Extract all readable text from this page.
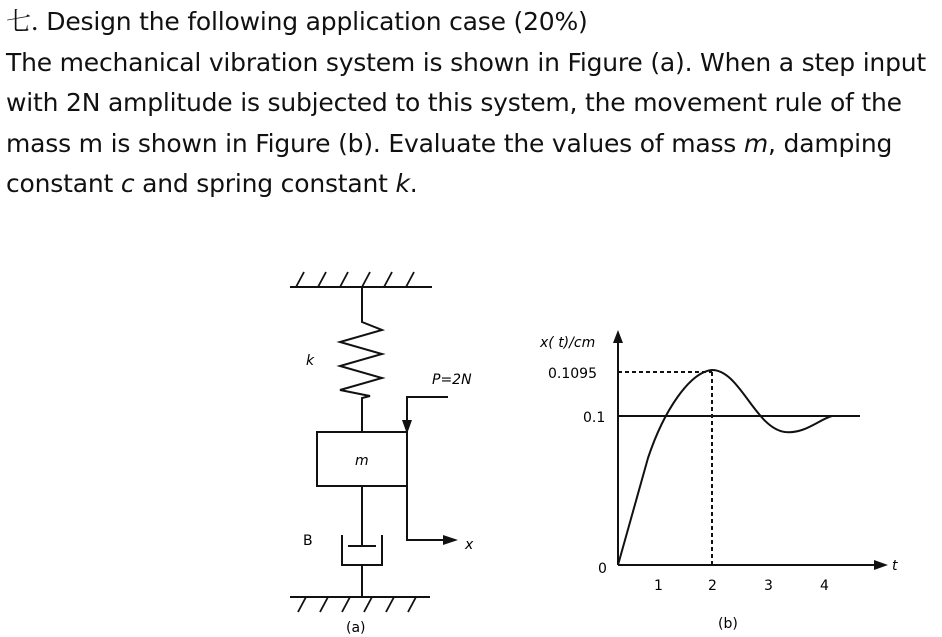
七. Design the following application case (20%)

The mechanical vibration system is shown in Figure (a). When a step input with 2N amplitude is subjected to this system, the movement rule of the mass m is shown in Figure (b). Evaluate the values of mass m, damping constant c and spring constant k.

k
m
P=2N
B	x
(a)
x( t)/cm
0.1095
0.1
0
1	2	3	4
t
(b)
